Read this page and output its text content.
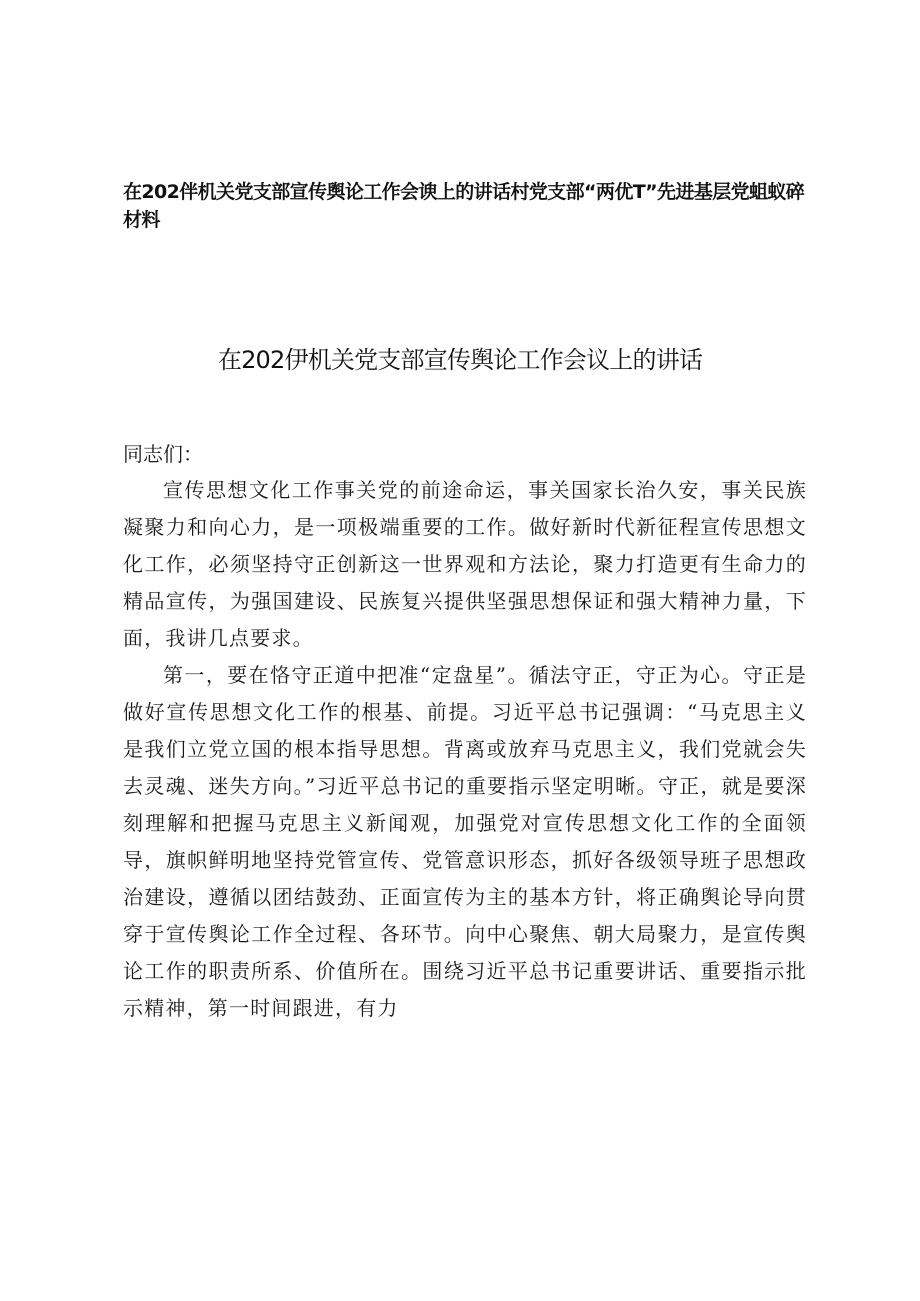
在202伴机关党支部宣传舆论工作会谀上的讲话村党支部“两优T”先进基层党蛆蚁碎材料
在202伊机关党支部宣传舆论工作会议上的讲话

同志们：

宣传思想文化工作事关党的前途命运，事关国家长治久安，事关民族凝聚力和向心力，是一项极端重要的工作。做好新时代新征程宣传思想文化工作，必须坚持守正创新这一世界观和方法论，聚力打造更有生命力的精品宣传，为强国建设、民族复兴提供坚强思想保证和强大精神力量，下面，我讲几点要求。

第一，要在恪守正道中把准“定盘星”。循法守正，守正为心。守正是做好宣传思想文化工作的根基、前提。习近平总书记强调：“马克思主义是我们立党立国的根本指导思想。背离或放弃马克思主义，我们党就会失去灵魂、迷失方向。”习近平总书记的重要指示坚定明晰。守正，就是要深刻理解和把握马克思主义新闻观，加强党对宣传思想文化工作的全面领导，旗帜鲜明地坚持党管宣传、党管意识形态，抓好各级领导班子思想政治建设，遵循以团结鼓劲、正面宣传为主的基本方针，将正确舆论导向贯穿于宣传舆论工作全过程、各环节。向中心聚焦、朝大局聚力，是宣传舆论工作的职责所系、价值所在。围绕习近平总书记重要讲话、重要指示批示精神，第一时间跟进，有力
